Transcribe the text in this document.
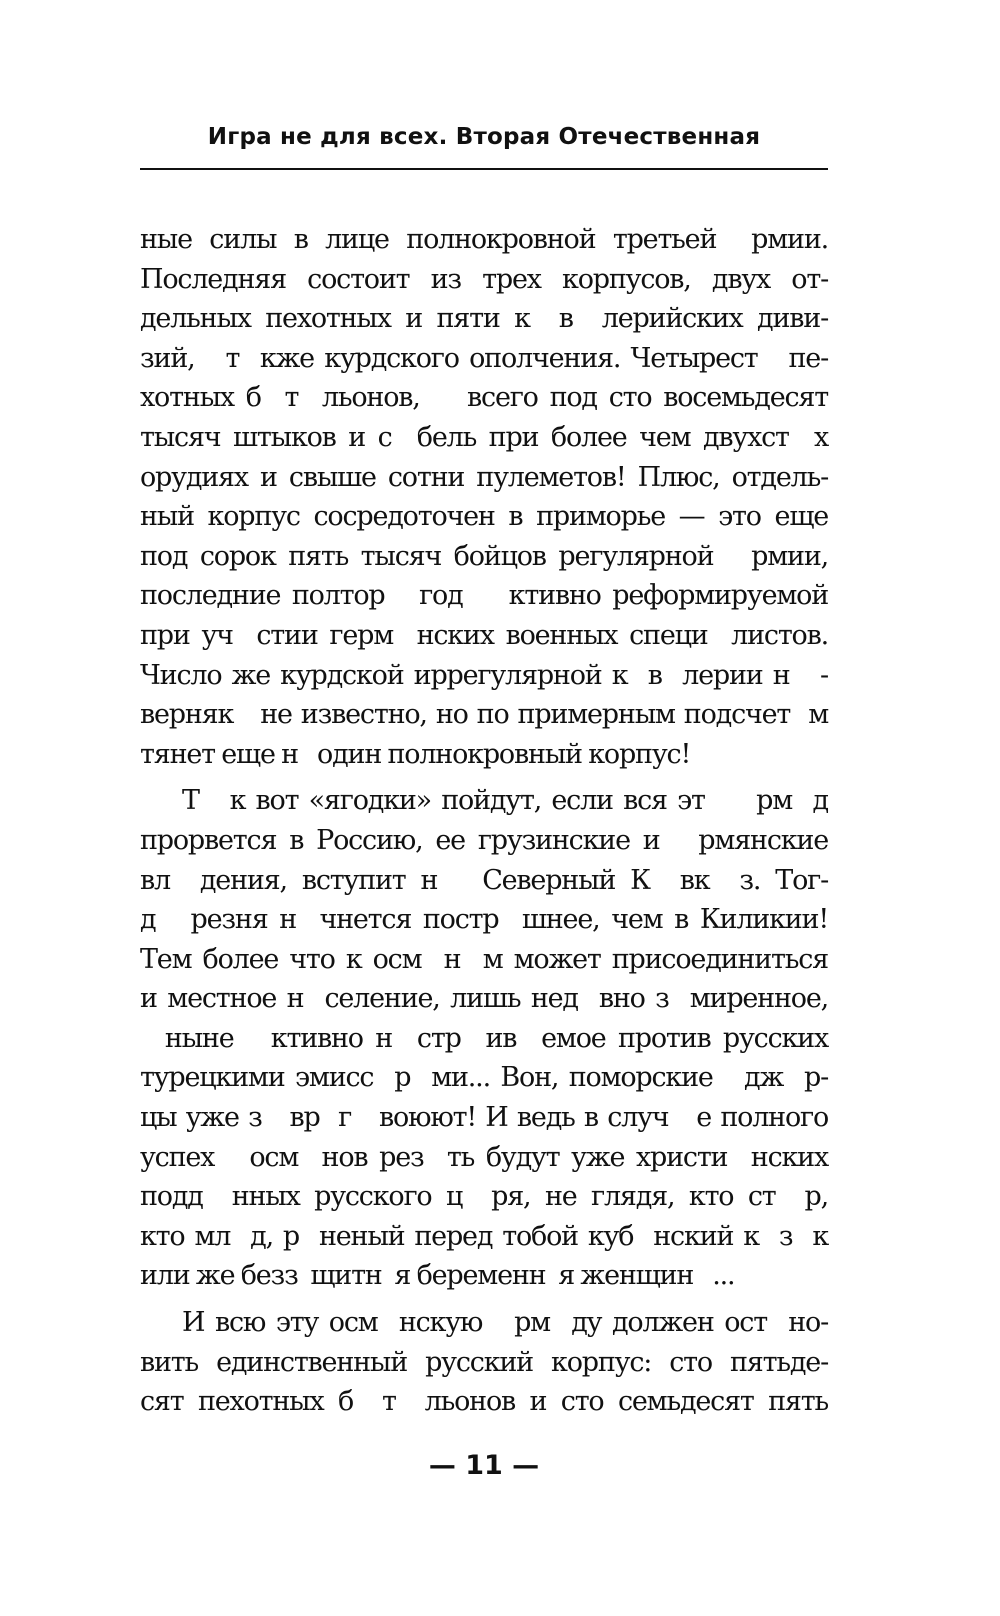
Игра не для всех. Вторая Отечественная
ные силы в лице полнокровной третьей  рмии.
Последняя состоит из трех корпусов, двух от-
дельных пехотных и пяти к  в  лерийских диви-
зий,   т  кже курдского ополчения. Четырест   пе-
хотных б  т  льонов,    всего под сто восемьдесят
тысяч штыков и с  бель при более чем двухст  х
орудиях и свыше сотни пулеметов! Плюс, отдель-
ный корпус сосредоточен в приморье — это еще
под сорок пять тысяч бойцов регулярной   рмии,
последние полтор   год    ктивно реформируемой
при уч  стии герм  нских военных специ  листов.
Число же курдской иррегулярной к  в  лерии н   -
верняк   не известно, но по примерным подсчет  м
тянет еще н   один полнокровный корпус!
Т   к вот «ягодки» пойдут, если вся эт     рм  д
прорвется в Россию, ее грузинские и   рмянские
вл  дения, вступит н   Северный К  вк  з. Тог-
д   резня н  чнется постр  шнее, чем в Киликии!
Тем более что к осм  н  м может присоединиться
и местное н  селение, лишь нед  вно з  миренное,
ныне   ктивно н  стр  ив  емое против русских
турецкими эмисс  р  ми... Вон, поморские   дж  р-
цы уже з   вр  г   воюют! И ведь в случ   е полного
успех   осм  нов рез  ть будут уже христи  нских
подд  нных русского ц  ря, не глядя, кто ст  р,
кто мл  д, р  неный перед тобой куб  нский к  з  к
или же безз  щитн  я беременн  я женщин   ...
И всю эту осм  нскую   рм  ду должен ост  но-
вить единственный русский корпус: сто пятьде-
сят пехотных б  т  льонов и сто семьдесят пять
— 11 —
